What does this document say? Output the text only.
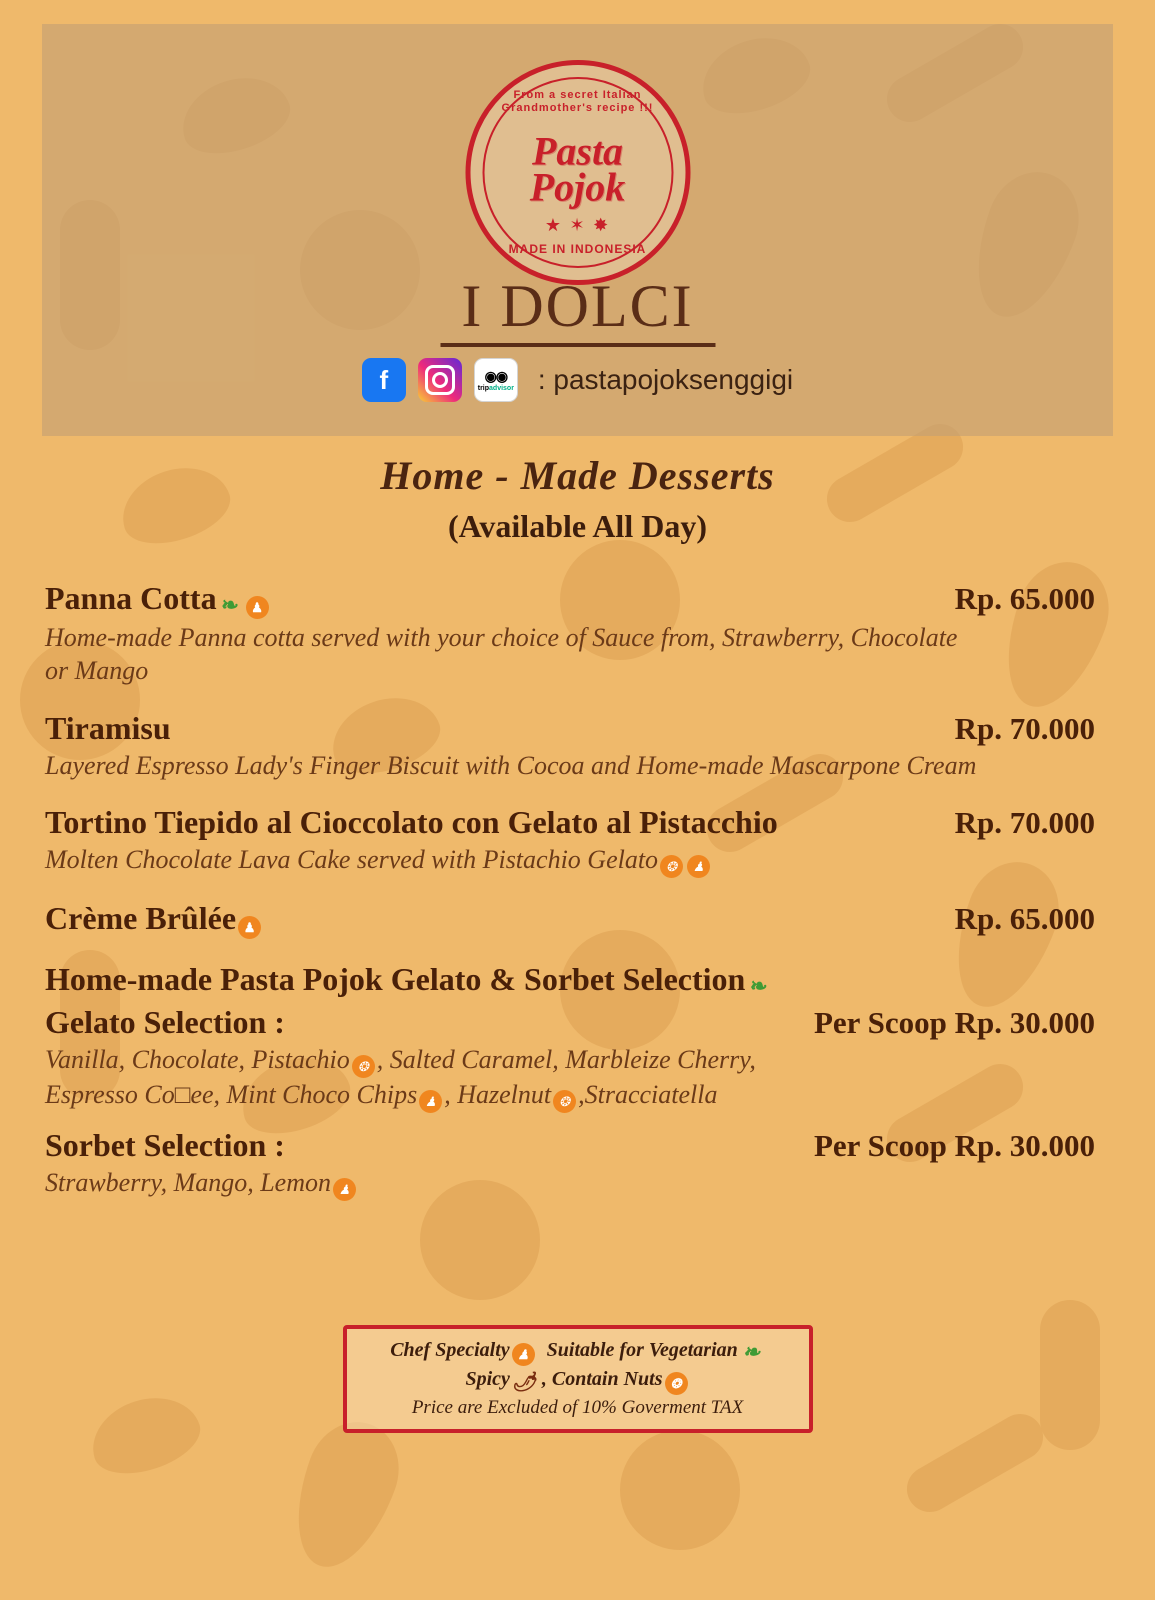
From a secret Italian Grandmother's recipe !!!
Pasta
Pojok
★ ✶ ✸
MADE IN INDONESIA
I DOLCI
f	◉◉
tripadvisor : pastapojoksenggigi
Home - Made Desserts
(Available All Day)
Panna Cotta ❧ ♟	Rp. 65.000
Home-made Panna cotta served with your choice of Sauce from, Strawberry, Chocolate or Mango
Tiramisu	Rp. 70.000
Layered Espresso Lady's Finger Biscuit with Cocoa and Home-made Mascarpone Cream
Tortino Tiepido al Cioccolato con Gelato al Pistacchio	Rp. 70.000
Molten Chocolate Lava Cake served with Pistachio Gelato ❂ ♟
Crème Brûlée ♟	Rp. 65.000
Home-made Pasta Pojok Gelato & Sorbet Selection ❧
Gelato Selection :	Per Scoop Rp. 30.000
Vanilla, Chocolate, Pistachio ❂ , Salted Caramel, Marbleize Cherry,
Espresso Co□ee, Mint Choco Chips ♟ , Hazelnut ❂ ,Stracciatella
Sorbet Selection :	Per Scoop Rp. 30.000
Strawberry, Mango, Lemon ♟
Chef Specialty ♟ Suitable for Vegetarian ❧
Spicy 🌶 , Contain Nuts ❂
Price are Excluded of 10% Goverment TAX
